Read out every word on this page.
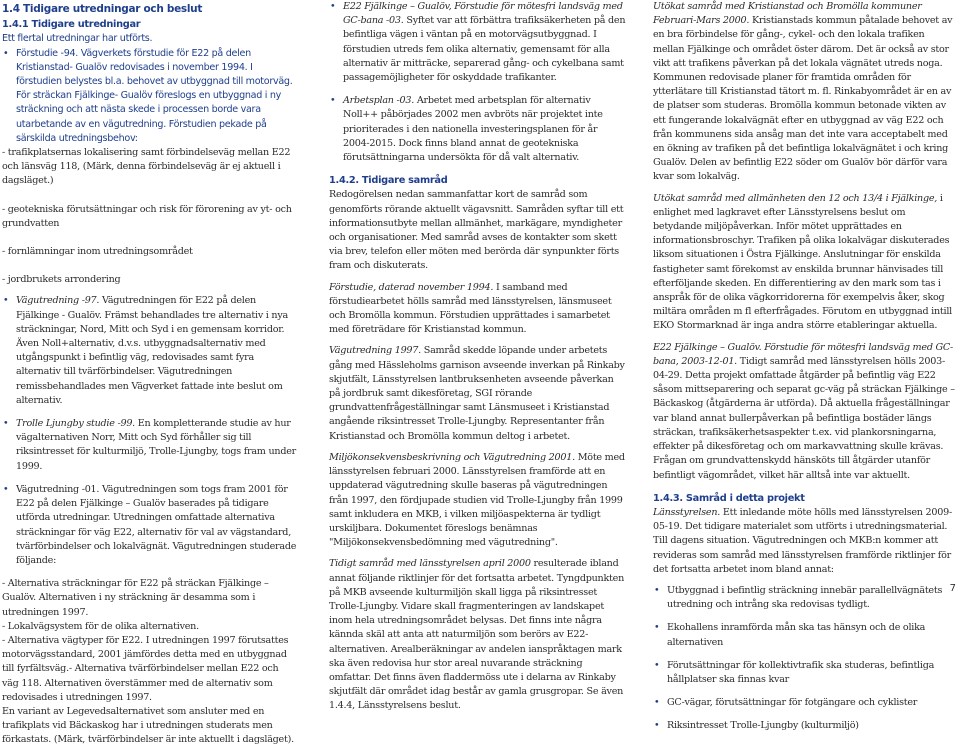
1.4 Tidigare utredningar och beslut

1.4.1 Tidigare utredningar

Ett flertal utredningar har utförts.

• Förstudie -94. Vägverkets förstudie för E22 på delen Kristianstad- Gualöv redovisades i november 1994. I förstudien belystes bl.a. behovet av utbyggnad till motorväg. För sträckan Fjälkinge- Gualöv föreslogs en utbyggnad i ny sträckning och att nästa skede i processen borde vara utarbetande av en vägutredning. Förstudien pekade på särskilda utredningsbehov:

- trafikplatsernas lokalisering samt förbindelseväg mellan E22 och länsväg 118, (Märk, denna förbindelseväg är ej aktuell i dagsläget.)

- geotekniska förutsättningar och risk för förorening av yt- och grundvatten

- fornlämningar inom utredningsområdet

- jordbrukets arrondering

• Vägutredning -97. Vägutredningen för E22 på delen Fjälkinge - Gualöv. Främst behandlades tre alternativ i nya sträckningar, Nord, Mitt och Syd i en gemensam korridor. Även Noll+alternativ, d.v.s. utbyggnadsalternativ med utgångspunkt i befintlig väg, redovisades samt fyra alternativ till tvärförbindelser. Vägutredningen remissbehandlades men Vägverket fattade inte beslut om alternativ.
• Trolle Ljungby studie -99. En kompletterande studie av hur vägalternativen Norr, Mitt och Syd förhåller sig till riksintresset för kulturmiljö, Trolle-Ljungby, togs fram under 1999.
• Vägutredning -01. Vägutredningen som togs fram 2001 för E22 på delen Fjälkinge – Gualöv baserades på tidigare utförda utredningar. Utredningen omfattade alternativa sträckningar för väg E22, alternativ för val av vägstandard, tvärförbindelser och lokalvägnät. Vägutredningen studerade följande:

- Alternativa sträckningar för E22 på sträckan Fjälkinge – Gualöv. Alternativen i ny sträckning är desamma som i utredningen 1997.

- Lokalvägsystem för de olika alternativen.

- Alternativa vägtyper för E22. I utredningen 1997 förutsattes motorvägsstandard, 2001 jämfördes detta med en utbyggnad till fyrfältsväg.- Alternativa tvärförbindelser mellan E22 och väg 118. Alternativen överstämmer med de alternativ som redovisades i utredningen 1997.

En variant av Legevedsalternativet som ansluter med en trafikplats vid Bäckaskog har i utredningen studerats men förkastats. (Märk, tvärförbindelser är inte aktuellt i dagsläget).

• E22 Fjälkinge – Gualöv, Förstudie för mötesfri landsväg med GC-bana -03. Syftet var att förbättra trafiksäkerheten på den befintliga vägen i väntan på en motorvägsutbyggnad. I förstudien utreds fem olika alternativ, gemensamt för alla alternativ är mitträcke, separerad gång- och cykelbana samt passagemöjligheter för oskyddade trafikanter.
• Arbetsplan -03. Arbetet med arbetsplan för alternativ Noll++ påbörjades 2002 men avbröts när projektet inte prioriterades i den nationella investeringsplanen för år 2004-2015. Dock finns bland annat de geotekniska förutsättningarna undersökta för då valt alternativ.

1.4.2. Tidigare samråd

Redogörelsen nedan sammanfattar kort de samråd som genomförts rörande aktuellt vägavsnitt. Samråden syftar till ett informationsutbyte mellan allmänhet, markägare, myndigheter och organisationer. Med samråd avses de kontakter som skett via brev, telefon eller möten med berörda där synpunkter förts fram och diskuterats.

Förstudie, daterad november 1994. I samband med förstudiearbetet hölls samråd med länsstyrelsen, länsmuseet och Bromölla kommun. Förstudien upprättades i samarbetet med företrädare för Kristianstad kommun.

Vägutredning 1997. Samråd skedde löpande under arbetets gång med Hässleholms garnison avseende inverkan på Rinkaby skjutfält, Länsstyrelsen lantbruksenheten avseende påverkan på jordbruk samt dikesföretag, SGI rörande grundvattenfrågeställningar samt Länsmuseet i Kristianstad angående riksintresset Trolle-Ljungby. Representanter från Kristianstad och Bromölla kommun deltog i arbetet.

Miljökonsekvensbeskrivning och Vägutredning 2001. Möte med länsstyrelsen februari 2000. Länsstyrelsen framförde att en uppdaterad vägutredning skulle baseras på vägutredningen från 1997, den fördjupade studien vid Trolle-Ljungby från 1999 samt inkludera en MKB, i vilken miljöaspekterna är tydligt urskiljbara. Dokumentet föreslogs benämnas "Miljökonsekvensbedömning med vägutredning".

Tidigt samråd med länsstyrelsen april 2000 resulterade ibland annat följande riktlinjer för det fortsatta arbetet. Tyngdpunkten på MKB avseende kulturmiljön skall ligga på riksintresset Trolle-Ljungby. Vidare skall fragmenteringen av landskapet inom hela utredningsområdet belysas. Det finns inte några kännda skäl att anta att naturmiljön som berörs av E22-alternativen. Arealberäkningar av andelen ianspråktagen mark ska även redovisa hur stor areal nuvarande sträckning omfattar. Det finns även fladdermöss ute i delarna av Rinkaby skjutfält där området idag består av gamla grusgropar. Se även 1.4.4, Länsstyrelsens beslut.

Utökat samråd med Kristianstad och Bromölla kommuner Februari-Mars 2000. Kristianstads kommun påtalade behovet av en bra förbindelse för gång-, cykel- och den lokala trafiken mellan Fjälkinge och området öster därom. Det är också av stor vikt att trafikens påverkan på det lokala vägnätet utreds noga. Kommunen redovisade planer för framtida områden för ytterlätare till Kristianstad tätort m. fl. Rinkabyområdet är en av de platser som studeras. Bromölla kommun betonade vikten av ett fungerande lokalvägnät efter en utbyggnad av väg E22 och från kommunens sida ansåg man det inte vara acceptabelt med en ökning av trafiken på det befintliga lokalvägnätet i och kring Gualöv. Delen av befintlig E22 söder om Gualöv bör därför vara kvar som lokalväg.

Utökat samråd med allmänheten den 12 och 13/4 i Fjälkinge, i enlighet med lagkravet efter Länsstyrelsens beslut om betydande miljöpåverkan. Inför mötet upprättades en informationsbroschyr. Trafiken på olika lokalvägar diskuterades liksom situationen i Östra Fjälkinge. Anslutningar för enskilda fastigheter samt förekomst av enskilda brunnar hänvisades till efterföljande skeden. En differentiering av den mark som tas i anspråk för de olika vägkorridorerna för exempelvis åker, skog miltära områden m fl efterfrågades. Förutom en utbyggnad intill EKO Stormarknad är inga andra större etableringar aktuella.

E22 Fjälkinge – Gualöv. Förstudie för mötesfri landsväg med GC-bana, 2003-12-01. Tidigt samråd med länsstyrelsen hölls 2003-04-29. Detta projekt omfattade åtgärder på befintlig väg E22 såsom mittseparering och separat gc-väg på sträckan Fjälkinge – Bäckaskog (åtgärderna är utförda). Då aktuella frågeställningar var bland annat bullerpåverkan på befintliga bostäder längs sträckan, trafiksäkerhetsaspekter t.ex. vid plankorsningarna, effekter på dikesföretag och om markavvattning skulle krävas. Frågan om grundvattenskydd hänsköts till åtgärder utanför befintligt vägområdet, vilket här alltså inte var aktuellt.

1.4.3. Samråd i detta projekt

Länsstyrelsen. Ett inledande möte hölls med länsstyrelsen 2009-05-19. Det tidigare materialet som utförts i utredningsmaterial. Till dagens situation. Vägutredningen och MKB:n kommer att revideras som samråd med länsstyrelsen framförde riktlinjer för det fortsatta arbetet inom bland annat:

• Utbyggnad i befintlig sträckning innebär parallellvägnätets utredning och intrång ska redovisas tydligt.
• Ekohallens inramförda mån ska tas hänsyn och de olika alternativen
• Förutsättningar för kollektivtrafik ska studeras, befintliga hållplatser ska finnas kvar
• GC-vägar, förutsättningar för fotgängare och cyklister
• Riksintresset Trolle-Ljungby (kulturmiljö)
7
